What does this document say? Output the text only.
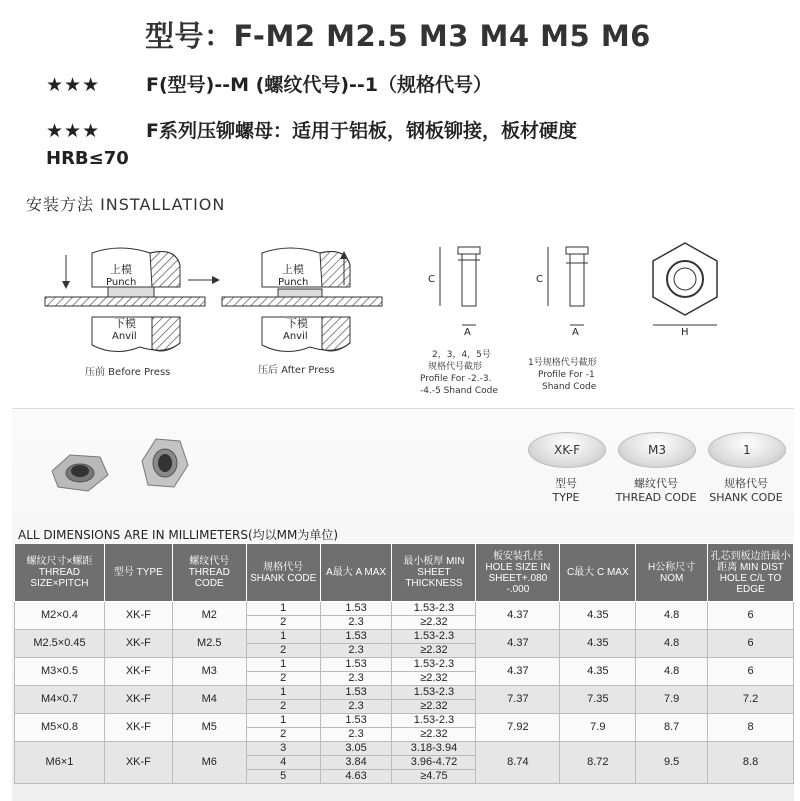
型号：F-M2 M2.5 M3 M4 M5 M6
★★★ F(型号)--M (螺纹代号)--1（规格代号）
★★★ F系列压铆螺母：适用于铝板，钢板铆接，板材硬度
HRB≤70
安装方法 INSTALLATION
上模
Punch
下模
Anvil
压前 Before Press
上模
Punch
下模
Anvil
压后 After Press
C
A
2，3，4，5号
规格代号截形
Profile For -2.-3.
-4.-5 Shand Code
C
A
1号规格代号截形
Profile For -1
Shand Code
H
XK-F	M3	1
型号
TYPE
螺纹代号
THREAD CODE
规格代号
SHANK CODE
ALL DIMENSIONS ARE IN MILLIMETERS(均以MM为单位)
螺纹尺寸×螺距THREAD SIZE×PITCH	型号 TYPE	螺纹代号 THREAD CODE	规格代号 SHANK CODE	A最大 A MAX	最小板厚 MIN SHEET THICKNESS	板安装孔径 HOLE SIZE IN SHEET+.080 -.000	C最大 C MAX	H公称尺寸NOM	孔芯到板边沿最小距离 MIN DIST HOLE C/L TO EDGE
M2×0.4	XK-F	M2	1	1.53	1.53-2.3	4.37	4.35	4.8	6
			2	2.3	≥2.32				
M2.5×0.45	XK-F	M2.5	1	1.53	1.53-2.3	4.37	4.35	4.8	6
			2	2.3	≥2.32				
M3×0.5	XK-F	M3	1	1.53	1.53-2.3	4.37	4.35	4.8	6
			2	2.3	≥2.32				
M4×0.7	XK-F	M4	1	1.53	1.53-2.3	7.37	7.35	7.9	7.2
			2	2.3	≥2.32				
M5×0.8	XK-F	M5	1	1.53	1.53-2.3	7.92	7.9	8.7	8
			2	2.3	≥2.32				
M6×1	XK-F	M6	3	3.05	3.18-3.94	8.74	8.72	9.5	8.8
			4	3.84	3.96-4.72				
			5	4.63	≥4.75				
